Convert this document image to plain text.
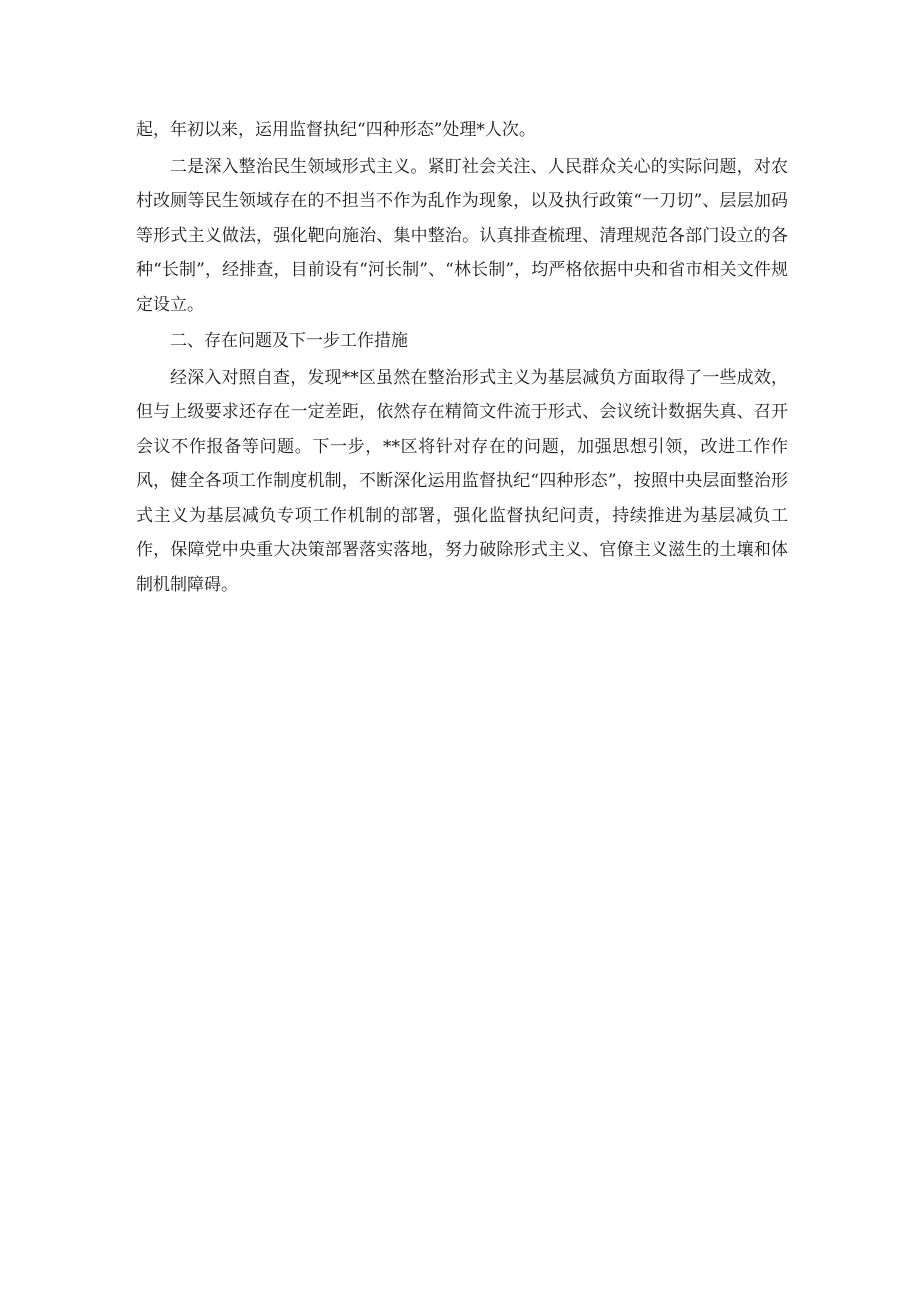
起，年初以来，运用监督执纪“四种形态”处理*人次。

二是深入整治民生领域形式主义。紧盯社会关注、人民群众关心的实际问题，对农村改厕等民生领域存在的不担当不作为乱作为现象，以及执行政策“一刀切”、层层加码等形式主义做法，强化靶向施治、集中整治。认真排查梳理、清理规范各部门设立的各种“长制”，经排查，目前设有“河长制”、“林长制”，均严格依据中央和省市相关文件规定设立。

二、存在问题及下一步工作措施

经深入对照自查，发现**区虽然在整治形式主义为基层减负方面取得了一些成效，但与上级要求还存在一定差距，依然存在精简文件流于形式、会议统计数据失真、召开会议不作报备等问题。下一步，**区将针对存在的问题，加强思想引领，改进工作作风，健全各项工作制度机制，不断深化运用监督执纪“四种形态”，按照中央层面整治形式主义为基层减负专项工作机制的部署，强化监督执纪问责，持续推进为基层减负工作，保障党中央重大决策部署落实落地，努力破除形式主义、官僚主义滋生的土壤和体制机制障碍。
